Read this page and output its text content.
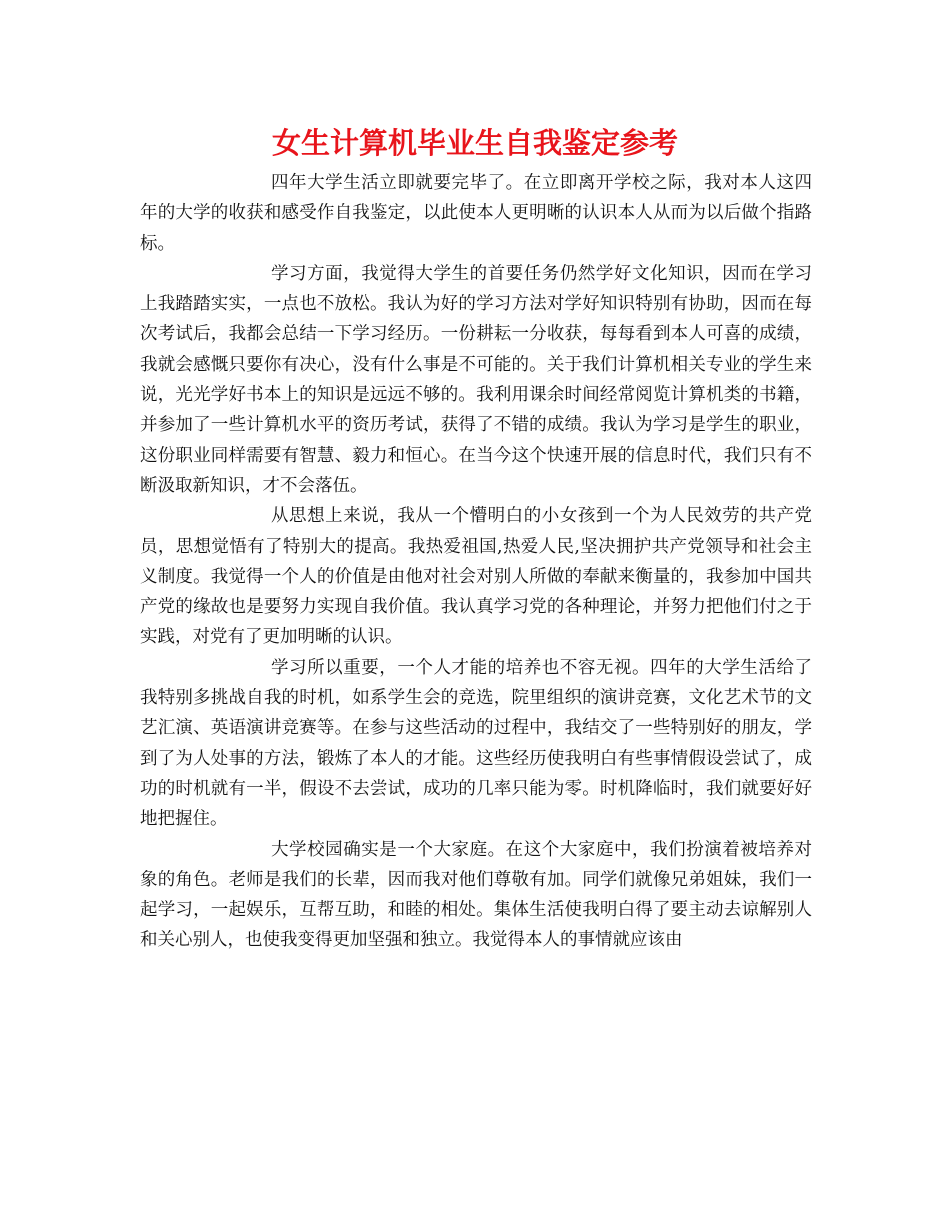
女生计算机毕业生自我鉴定参考

四年大学生活立即就要完毕了。在立即离开学校之际，我对本人这四年的大学的收获和感受作自我鉴定，以此使本人更明晰的认识本人从而为以后做个指路标。

学习方面，我觉得大学生的首要任务仍然学好文化知识，因而在学习上我踏踏实实，一点也不放松。我认为好的学习方法对学好知识特别有协助，因而在每次考试后，我都会总结一下学习经历。一份耕耘一分收获，每每看到本人可喜的成绩，我就会感慨只要你有决心，没有什么事是不可能的。关于我们计算机相关专业的学生来说，光光学好书本上的知识是远远不够的。我利用课余时间经常阅览计算机类的书籍，并参加了一些计算机水平的资历考试，获得了不错的成绩。我认为学习是学生的职业，这份职业同样需要有智慧、毅力和恒心。在当今这个快速开展的信息时代，我们只有不断汲取新知识，才不会落伍。

从思想上来说，我从一个懵明白的小女孩到一个为人民效劳的共产党员，思想觉悟有了特别大的提高。我热爱祖国,热爱人民,坚决拥护共产党领导和社会主义制度。我觉得一个人的价值是由他对社会对别人所做的奉献来衡量的，我参加中国共产党的缘故也是要努力实现自我价值。我认真学习党的各种理论，并努力把他们付之于实践，对党有了更加明晰的认识。

学习所以重要，一个人才能的培养也不容无视。四年的大学生活给了我特别多挑战自我的时机，如系学生会的竞选，院里组织的演讲竞赛，文化艺术节的文艺汇演、英语演讲竞赛等。在参与这些活动的过程中，我结交了一些特别好的朋友，学到了为人处事的方法，锻炼了本人的才能。这些经历使我明白有些事情假设尝试了，成功的时机就有一半，假设不去尝试，成功的几率只能为零。时机降临时，我们就要好好地把握住。

大学校园确实是一个大家庭。在这个大家庭中，我们扮演着被培养对象的角色。老师是我们的长辈，因而我对他们尊敬有加。同学们就像兄弟姐妹，我们一起学习，一起娱乐，互帮互助，和睦的相处。集体生活使我明白得了要主动去谅解别人和关心别人，也使我变得更加坚强和独立。我觉得本人的事情就应该由
